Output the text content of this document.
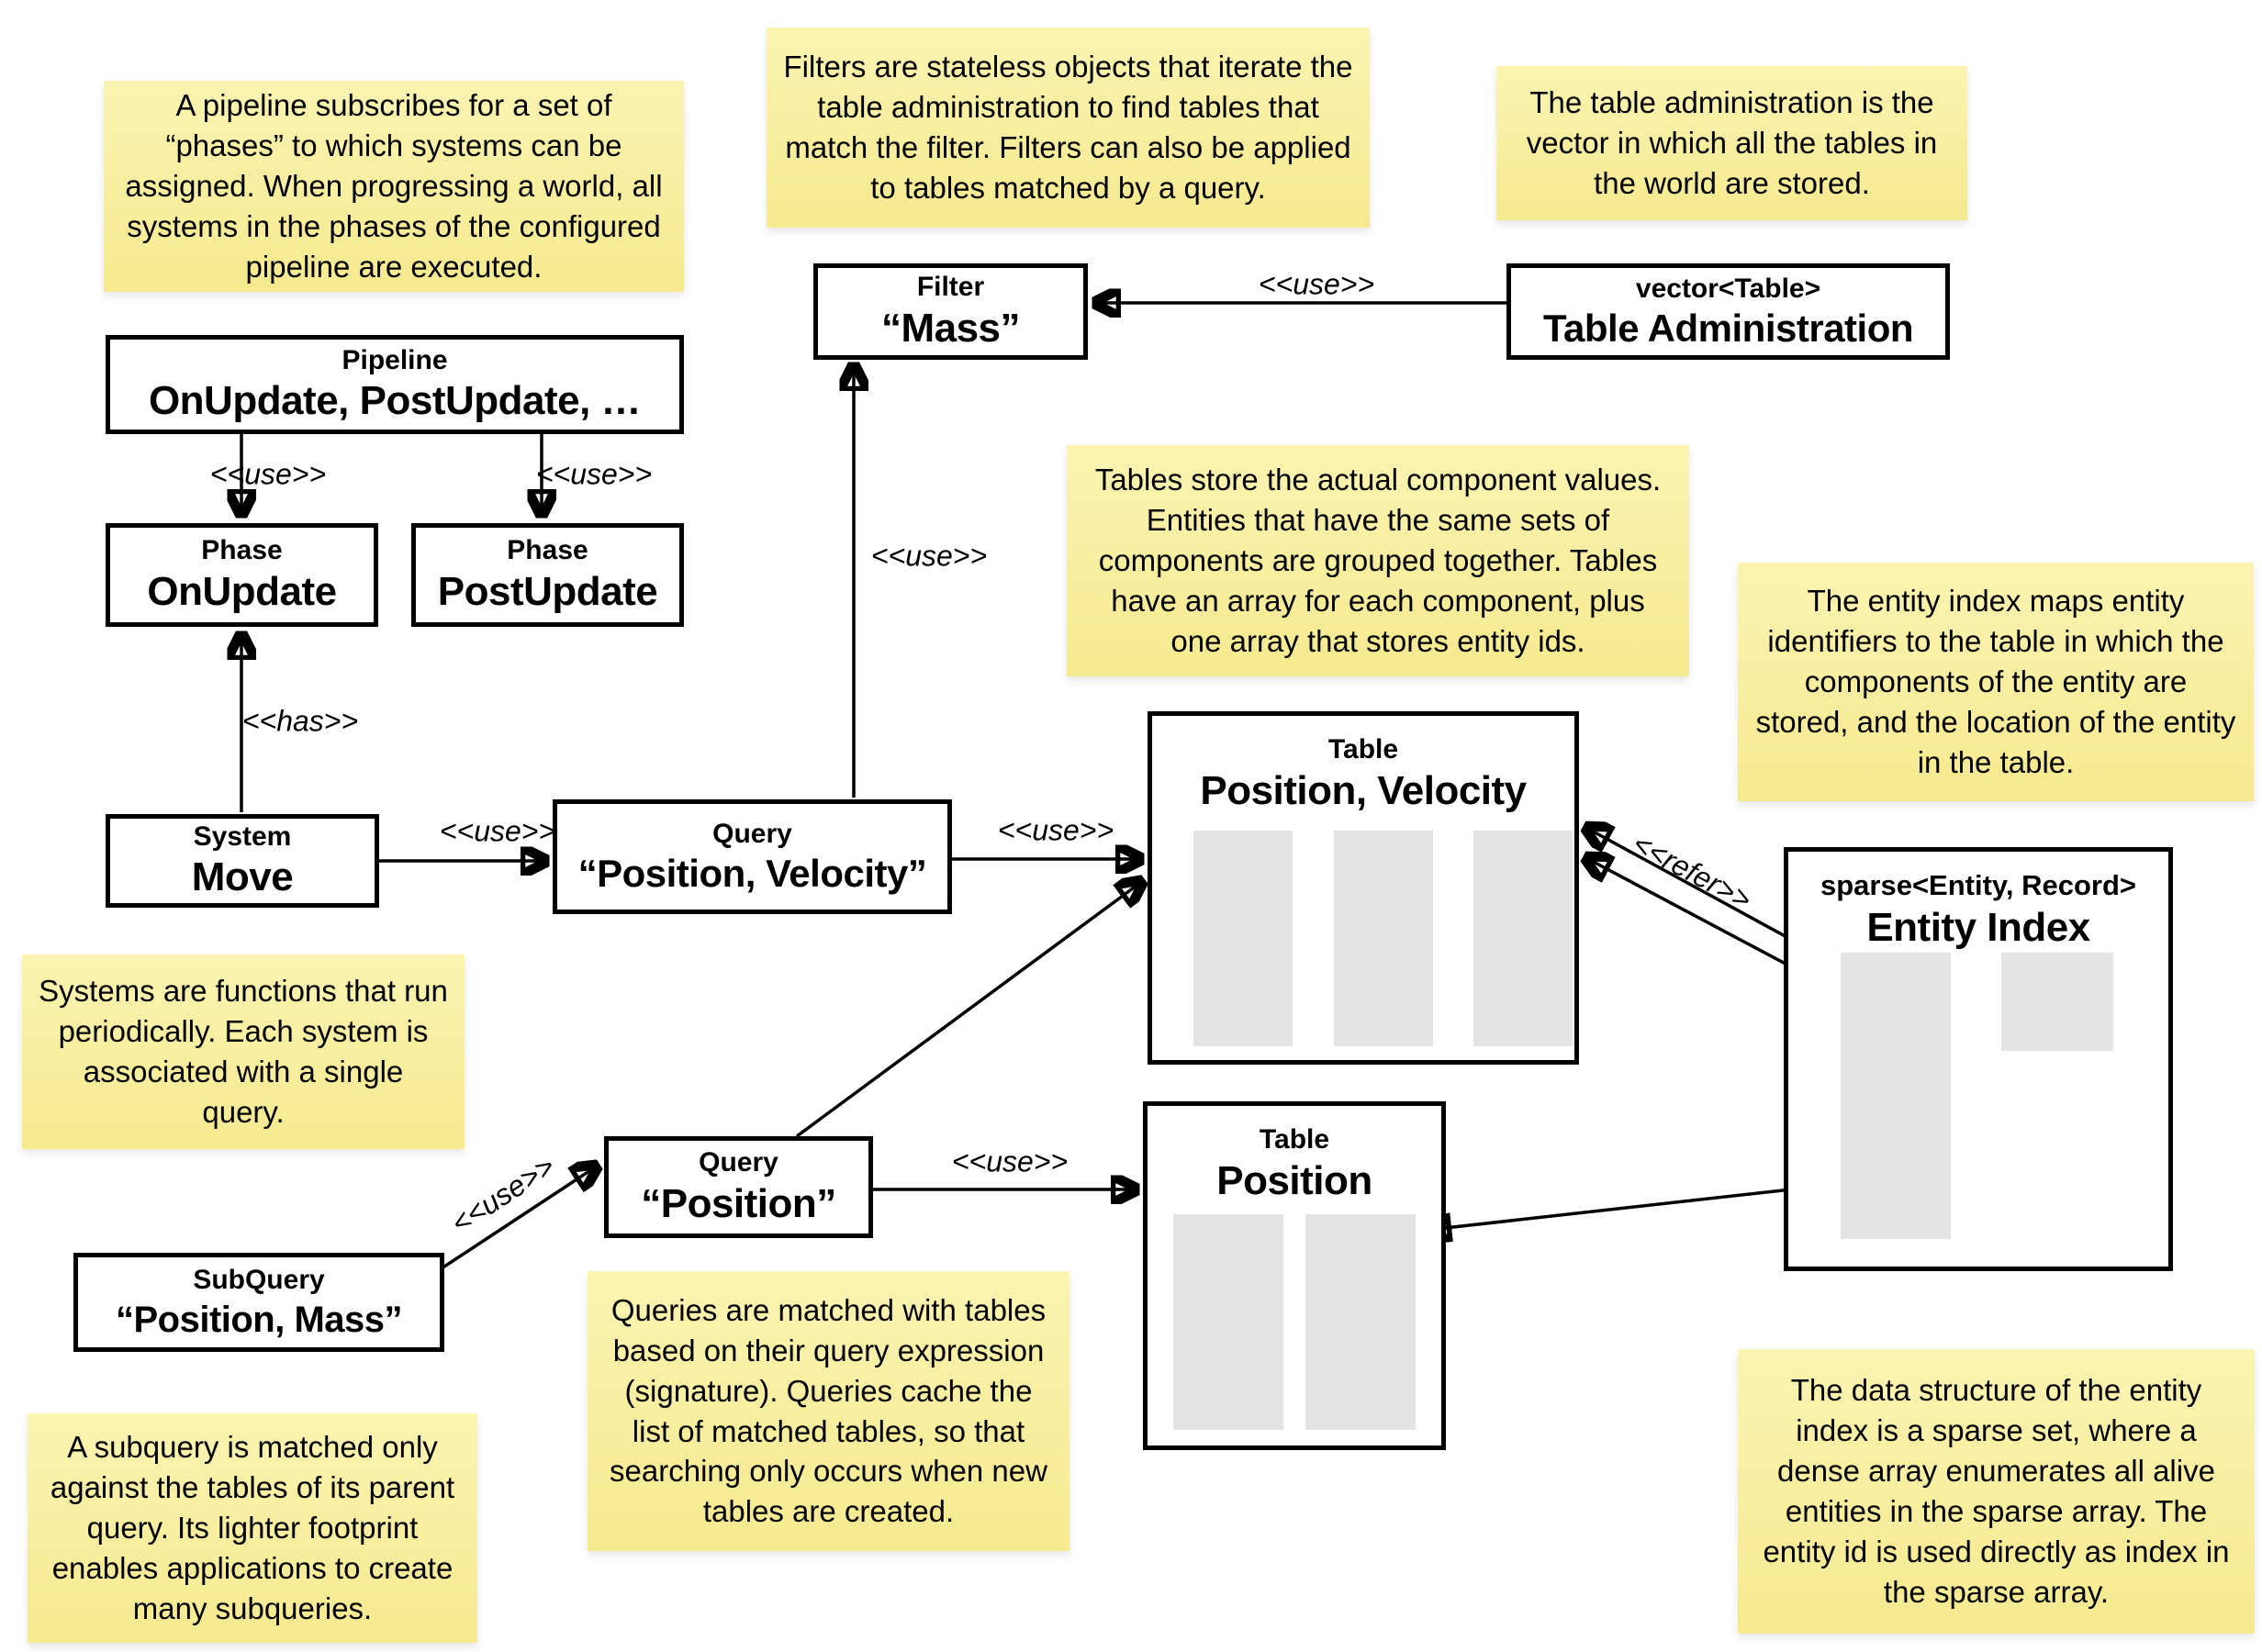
A pipeline subscribes for a set of “phases” to which systems can be assigned. When progressing a world, all systems in the phases of the configured pipeline are executed.
Filters are stateless objects that iterate the table administration to find tables that match the filter. Filters can also be applied to tables matched by a query.
The table administration is the vector in which all the tables in the world are stored.
Tables store the actual component values. Entities that have the same sets of components are grouped together. Tables have an array for each component, plus one array that stores entity ids.
The entity index maps entity identifiers to the table in which the components of the entity are stored, and the location of the entity in the table.
Systems are functions that run periodically. Each system is associated with a single query.
Queries are matched with tables based on their query expression (signature). Queries cache the list of matched tables, so that searching only occurs when new tables are created.
A subquery is matched only against the tables of its parent query. Its lighter footprint enables applications to create many subqueries.
The data structure of the entity index is a sparse set, where a dense array enumerates all alive entities in the sparse array. The entity id is used directly as index in the sparse array.
Pipeline
OnUpdate, PostUpdate, …
Phase
OnUpdate
Phase
PostUpdate
Filter
“Mass”
vector<Table>
Table Administration
System
Move
Query
“Position, Velocity”
Table
Position, Velocity
sparse<Entity, Record>
Entity Index
Query
“Position”
SubQuery
“Position, Mass”
Table
Position
<<use>>	<<use>>
<<has>>
<<use>>
<<use>>
<<use>>
<<use>>
<<use>>
<<use>>
<<refer>>
